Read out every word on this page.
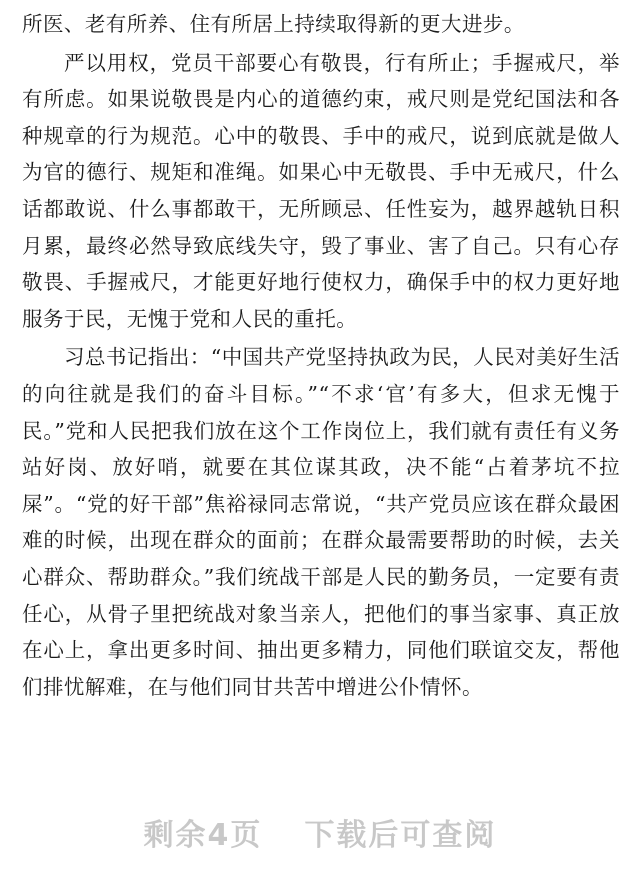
所医、老有所养、住有所居上持续取得新的更大进步。

严以用权，党员干部要心有敬畏，行有所止；手握戒尺，举有所虑。如果说敬畏是内心的道德约束，戒尺则是党纪国法和各种规章的行为规范。心中的敬畏、手中的戒尺，说到底就是做人为官的德行、规矩和准绳。如果心中无敬畏、手中无戒尺，什么话都敢说、什么事都敢干，无所顾忌、任性妄为，越界越轨日积月累，最终必然导致底线失守，毁了事业、害了自己。只有心存敬畏、手握戒尺，才能更好地行使权力，确保手中的权力更好地服务于民，无愧于党和人民的重托。

习总书记指出：“中国共产党坚持执政为民，人民对美好生活的向往就是我们的奋斗目标。”“不求‘官’有多大，但求无愧于民。”党和人民把我们放在这个工作岗位上，我们就有责任有义务站好岗、放好哨，就要在其位谋其政，决不能“占着茅坑不拉屎”。“党的好干部”焦裕禄同志常说，“共产党员应该在群众最困难的时候，出现在群众的面前；在群众最需要帮助的时候，去关心群众、帮助群众。”我们统战干部是人民的勤务员，一定要有责任心，从骨子里把统战对象当亲人，把他们的事当家事、真正放在心上，拿出更多时间、抽出更多精力，同他们联谊交友，帮他们排忧解难，在与他们同甘共苦中增进公仆情怀。

剩余4页 下载后可查阅
